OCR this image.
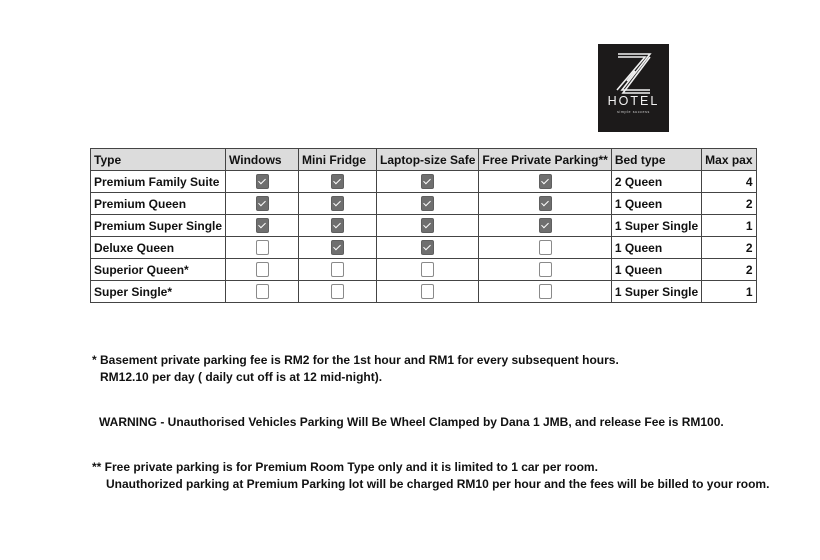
HOTEL
simple success
Type	Windows	Mini Fridge	Laptop-size Safe	Free Private Parking**	Bed type	Max pax
Premium Family Suite					2 Queen	4
Premium Queen					1 Queen	2
Premium Super Single					1 Super Single	1
Deluxe Queen					1 Queen	2
Superior Queen*					1 Queen	2
Super Single*					1 Super Single	1
* Basement private parking fee is RM2 for the 1st hour and RM1 for every subsequent hours.
RM12.10 per day ( daily cut off is at 12 mid-night).
WARNING - Unauthorised Vehicles Parking Will Be Wheel Clamped by Dana 1 JMB, and release Fee is RM100.
** Free private parking is for Premium Room Type only and it is limited to 1 car per room.
Unauthorized parking at Premium Parking lot will be charged RM10 per hour and the fees will be billed to your room.
